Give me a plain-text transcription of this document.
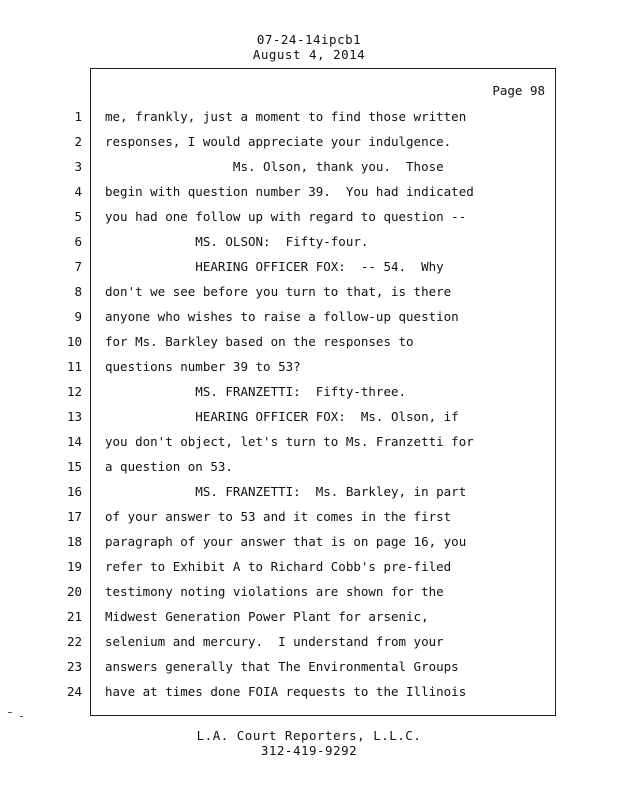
07-24-14ipcb1
August 4, 2014
Page 98
1 me, frankly, just a moment to find those written
2 responses, I would appreciate your indulgence.
3 Ms. Olson, thank you.  Those
4 begin with question number 39.  You had indicated
5 you had one follow up with regard to question --
6 MS. OLSON:  Fifty-four.
7 HEARING OFFICER FOX:  -- 54.  Why
8 don't we see before you turn to that, is there
9 anyone who wishes to raise a follow-up question
10 for Ms. Barkley based on the responses to
11 questions number 39 to 53?
12 MS. FRANZETTI:  Fifty-three.
13 HEARING OFFICER FOX:  Ms. Olson, if
14 you don't object, let's turn to Ms. Franzetti for
15 a question on 53.
16 MS. FRANZETTI:  Ms. Barkley, in part
17 of your answer to 53 and it comes in the first
18 paragraph of your answer that is on page 16, you
19 refer to Exhibit A to Richard Cobb's pre-filed
20 testimony noting violations are shown for the
21 Midwest Generation Power Plant for arsenic,
22 selenium and mercury.  I understand from your
23 answers generally that The Environmental Groups
24 have at times done FOIA requests to the Illinois
L.A. Court Reporters, L.L.C.
312-419-9292
